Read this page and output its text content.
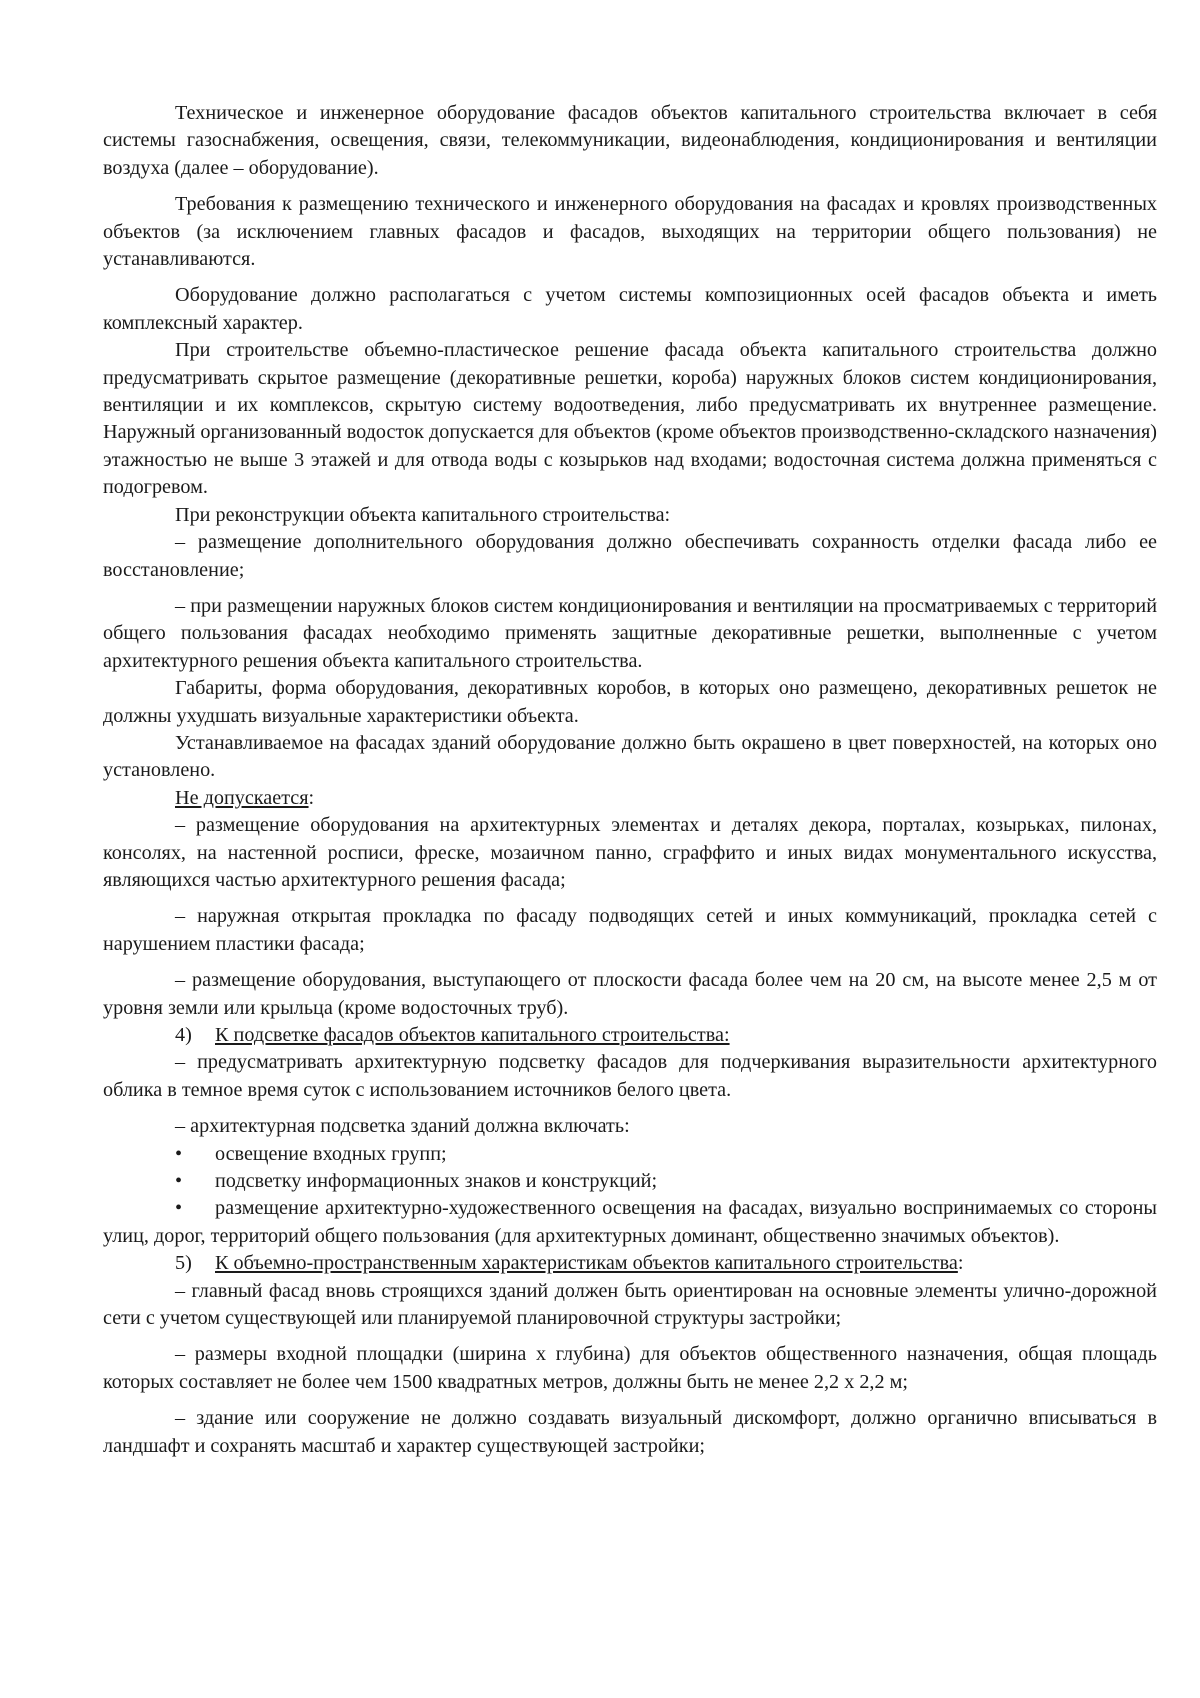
Техническое и инженерное оборудование фасадов объектов капитального строительства включает в себя системы газоснабжения, освещения, связи, телекоммуникации, видеонаблюдения, кондиционирования и вентиляции воздуха (далее – оборудование).

Требования к размещению технического и инженерного оборудования на фасадах и кровлях производственных объектов (за исключением главных фасадов и фасадов, выходящих на территории общего пользования) не устанавливаются.

Оборудование должно располагаться с учетом системы композиционных осей фасадов объекта и иметь комплексный характер.

При строительстве объемно-пластическое решение фасада объекта капитального строительства должно предусматривать скрытое размещение (декоративные решетки, короба) наружных блоков систем кондиционирования, вентиляции и их комплексов, скрытую систему водоотведения, либо предусматривать их внутреннее размещение. Наружный организованный водосток допускается для объектов (кроме объектов производственно-складского назначения) этажностью не выше 3 этажей и для отвода воды с козырьков над входами; водосточная система должна применяться с подогревом.

При реконструкции объекта капитального строительства:

– размещение дополнительного оборудования должно обеспечивать сохранность отделки фасада либо ее восстановление;

– при размещении наружных блоков систем кондиционирования и вентиляции на просматриваемых с территорий общего пользования фасадах необходимо применять защитные декоративные решетки, выполненные с учетом архитектурного решения объекта капитального строительства.

Габариты, форма оборудования, декоративных коробов, в которых оно размещено, декоративных решеток не должны ухудшать визуальные характеристики объекта.

Устанавливаемое на фасадах зданий оборудование должно быть окрашено в цвет поверхностей, на которых оно установлено.

Не допускается:

– размещение оборудования на архитектурных элементах и деталях декора, порталах, козырьках, пилонах, консолях, на настенной росписи, фреске, мозаичном панно, сграффито и иных видах монументального искусства, являющихся частью архитектурного решения фасада;

– наружная открытая прокладка по фасаду подводящих сетей и иных коммуникаций, прокладка сетей с нарушением пластики фасада;

– размещение оборудования, выступающего от плоскости фасада более чем на 20 см, на высоте менее 2,5 м от уровня земли или крыльца (кроме водосточных труб).

4) К подсветке фасадов объектов капитального строительства:

– предусматривать архитектурную подсветку фасадов для подчеркивания выразительности архитектурного облика в темное время суток с использованием источников белого цвета.

– архитектурная подсветка зданий должна включать:

• освещение входных групп;

• подсветку информационных знаков и конструкций;

• размещение архитектурно-художественного освещения на фасадах, визуально воспринимаемых со стороны улиц, дорог, территорий общего пользования (для архитектурных доминант, общественно значимых объектов).

5) К объемно-пространственным характеристикам объектов капитального строительства:

– главный фасад вновь строящихся зданий должен быть ориентирован на основные элементы улично-дорожной сети с учетом существующей или планируемой планировочной структуры застройки;

– размеры входной площадки (ширина х глубина) для объектов общественного назначения, общая площадь которых составляет не более чем 1500 квадратных метров, должны быть не менее 2,2 х 2,2 м;

– здание или сооружение не должно создавать визуальный дискомфорт, должно органично вписываться в ландшафт и сохранять масштаб и характер существующей застройки;
